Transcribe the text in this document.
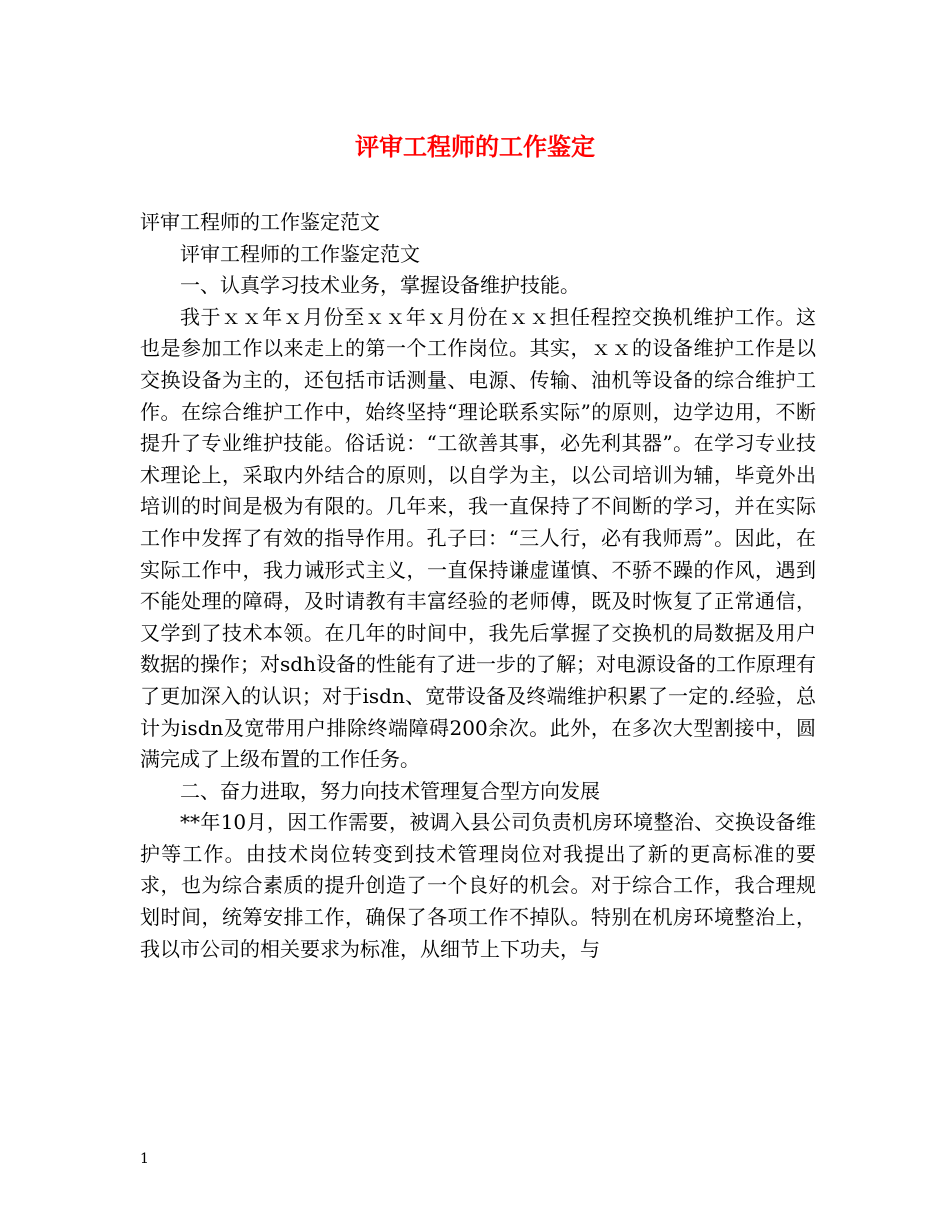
评审工程师的工作鉴定

评审工程师的工作鉴定范文

评审工程师的工作鉴定范文

一、认真学习技术业务，掌握设备维护技能。

我于ｘｘ年ｘ月份至ｘｘ年ｘ月份在ｘｘ担任程控交换机维护工作。这也是参加工作以来走上的第一个工作岗位。其实，ｘｘ的设备维护工作是以交换设备为主的，还包括市话测量、电源、传输、油机等设备的综合维护工作。在综合维护工作中，始终坚持“理论联系实际”的原则，边学边用，不断提升了专业维护技能。俗话说：“工欲善其事，必先利其器”。在学习专业技术理论上，采取内外结合的原则，以自学为主，以公司培训为辅，毕竟外出培训的时间是极为有限的。几年来，我一直保持了不间断的学习，并在实际工作中发挥了有效的指导作用。孔子曰：“三人行，必有我师焉”。因此，在实际工作中，我力诫形式主义，一直保持谦虚谨慎、不骄不躁的作风，遇到不能处理的障碍，及时请教有丰富经验的老师傅，既及时恢复了正常通信，又学到了技术本领。在几年的时间中，我先后掌握了交换机的局数据及用户数据的操作；对sdh设备的性能有了进一步的了解；对电源设备的工作原理有了更加深入的认识；对于isdn、宽带设备及终端维护积累了一定的.经验，总计为isdn及宽带用户排除终端障碍200余次。此外，在多次大型割接中，圆满完成了上级布置的工作任务。

二、奋力进取，努力向技术管理复合型方向发展

**年10月，因工作需要，被调入县公司负责机房环境整治、交换设备维护等工作。由技术岗位转变到技术管理岗位对我提出了新的更高标准的要求，也为综合素质的提升创造了一个良好的机会。对于综合工作，我合理规划时间，统筹安排工作，确保了各项工作不掉队。特别在机房环境整治上，我以市公司的相关要求为标准，从细节上下功夫，与

1
